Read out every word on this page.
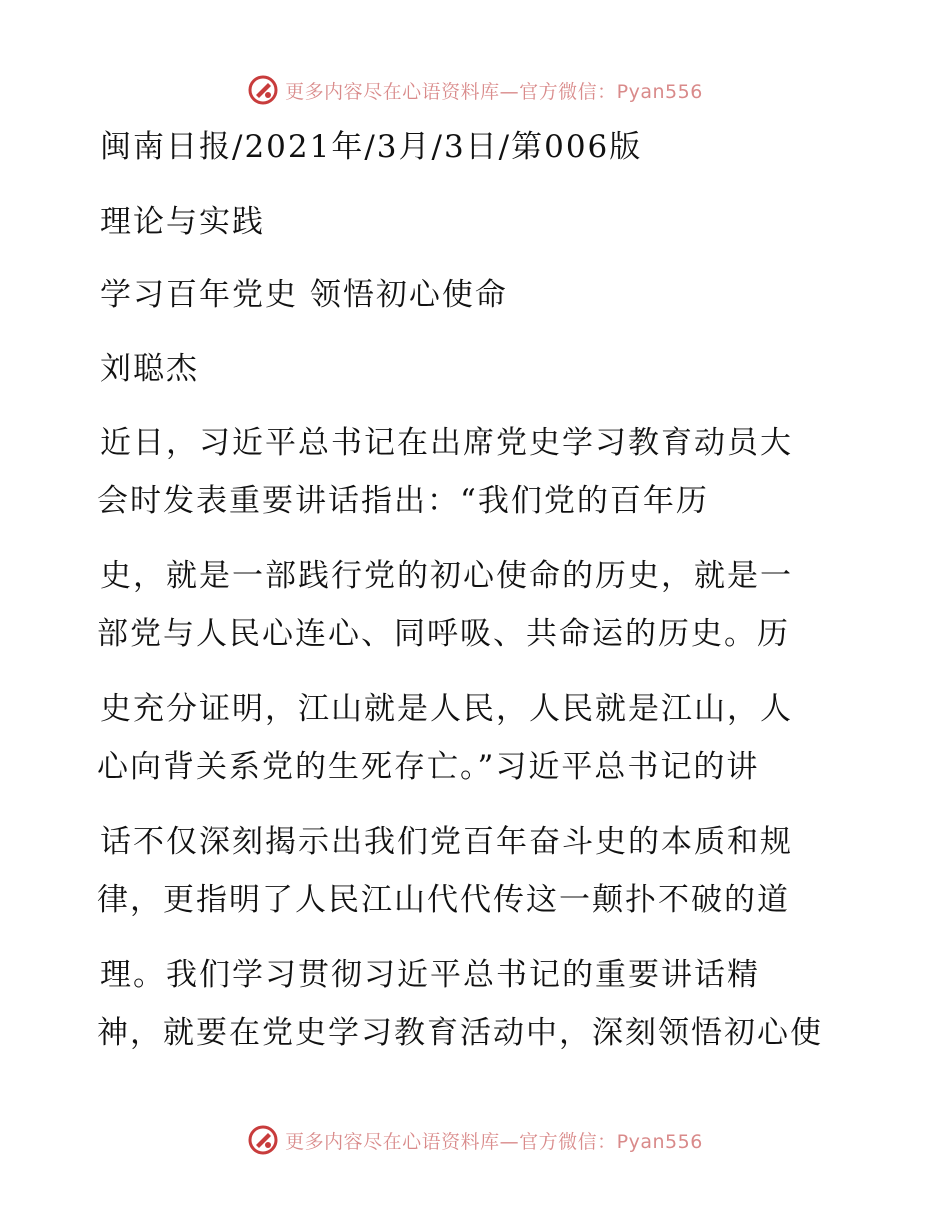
更多内容尽在心语资料库—官方微信：Pyan556
闽南日报/2021年/3月/3日/第006版
理论与实践
学习百年党史 领悟初心使命
刘聪杰
近日，习近平总书记在出席党史学习教育动员大
会时发表重要讲话指出：“我们党的百年历
史，就是一部践行党的初心使命的历史，就是一
部党与人民心连心、同呼吸、共命运的历史。历
史充分证明，江山就是人民，人民就是江山，人
心向背关系党的生死存亡。”习近平总书记的讲
话不仅深刻揭示出我们党百年奋斗史的本质和规
律，更指明了人民江山代代传这一颠扑不破的道
理。我们学习贯彻习近平总书记的重要讲话精
神，就要在党史学习教育活动中，深刻领悟初心使
更多内容尽在心语资料库—官方微信：Pyan556
